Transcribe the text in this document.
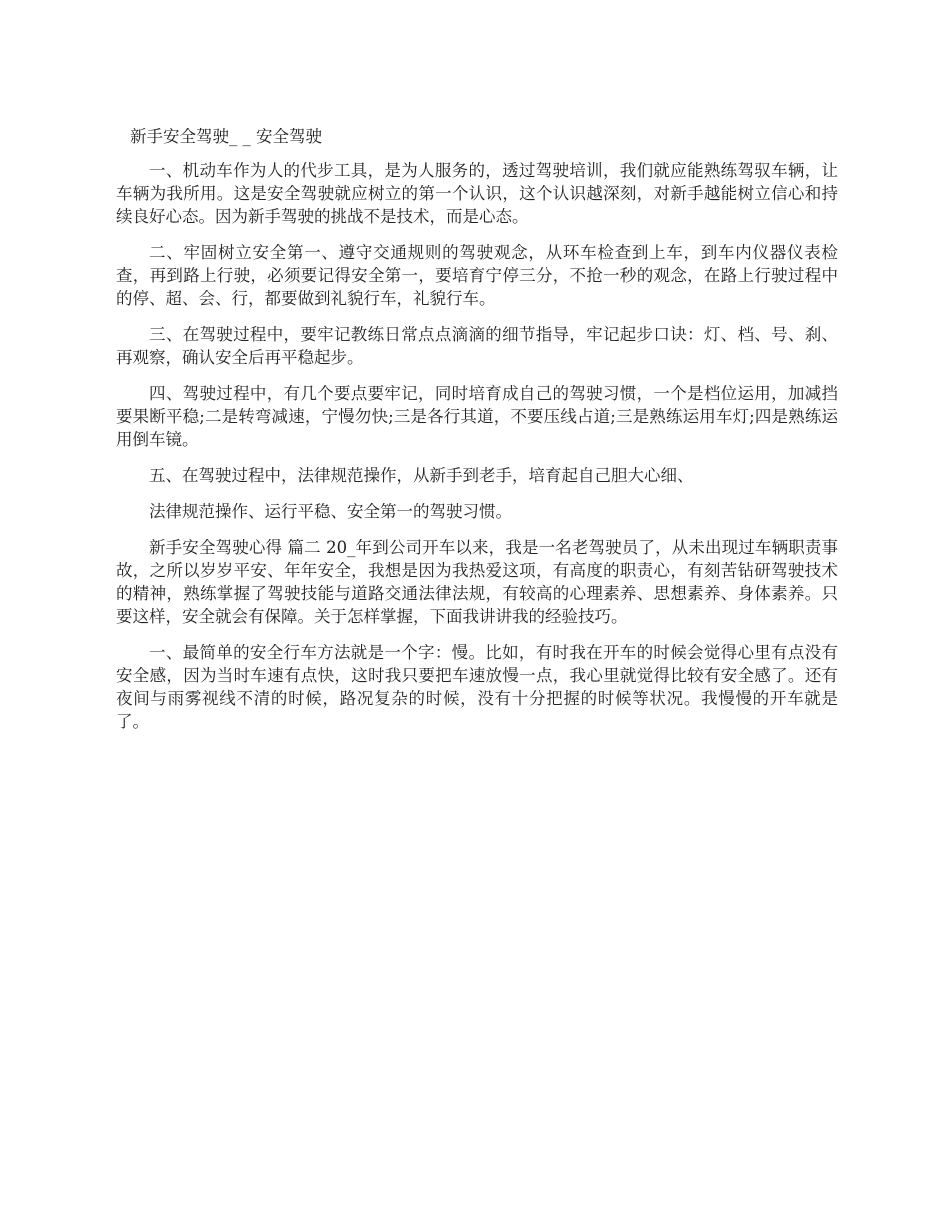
新手安全驾驶_ _ 安全驾驶

一、机动车作为人的代步工具，是为人服务的，透过驾驶培训，我们就应能熟练驾驭车辆，让车辆为我所用。这是安全驾驶就应树立的第一个认识，这个认识越深刻，对新手越能树立信心和持续良好心态。因为新手驾驶的挑战不是技术，而是心态。

二、牢固树立安全第一、遵守交通规则的驾驶观念，从环车检查到上车，到车内仪器仪表检查，再到路上行驶，必须要记得安全第一，要培育宁停三分，不抢一秒的观念，在路上行驶过程中的停、超、会、行，都要做到礼貌行车，礼貌行车。

三、在驾驶过程中，要牢记教练日常点点滴滴的细节指导，牢记起步口诀：灯、档、号、刹、再观察，确认安全后再平稳起步。

四、驾驶过程中，有几个要点要牢记，同时培育成自己的驾驶习惯，一个是档位运用，加减挡要果断平稳;二是转弯减速，宁慢勿快;三是各行其道，不要压线占道;三是熟练运用车灯;四是熟练运用倒车镜。

五、在驾驶过程中，法律规范操作，从新手到老手，培育起自己胆大心细、

法律规范操作、运行平稳、安全第一的驾驶习惯。

新手安全驾驶心得 篇二 20_年到公司开车以来，我是一名老驾驶员了，从未出现过车辆职责事故，之所以岁岁平安、年年安全，我想是因为我热爱这项，有高度的职责心，有刻苦钻研驾驶技术的精神，熟练掌握了驾驶技能与道路交通法律法规，有较高的心理素养、思想素养、身体素养。只要这样，安全就会有保障。关于怎样掌握，下面我讲讲我的经验技巧。

一、最简单的安全行车方法就是一个字：慢。比如，有时我在开车的时候会觉得心里有点没有安全感，因为当时车速有点快，这时我只要把车速放慢一点，我心里就觉得比较有安全感了。还有夜间与雨雾视线不清的时候，路况复杂的时候，没有十分把握的时候等状况。我慢慢的开车就是了。
